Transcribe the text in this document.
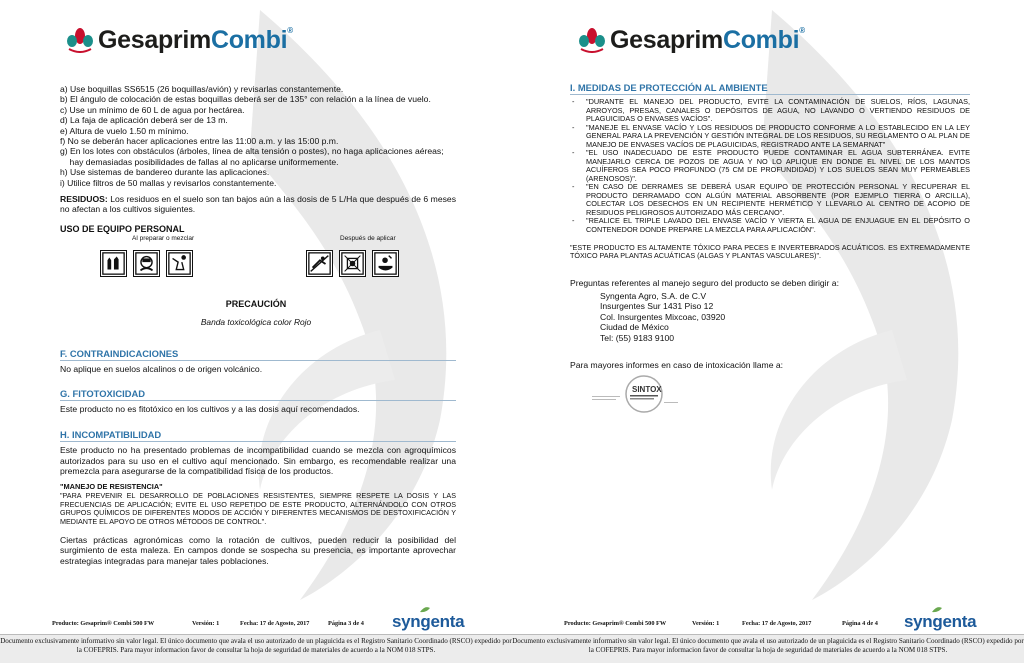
GesaprimCombi®

a) Use boquillas SS6515 (26 boquillas/avión) y revisarlas constantemente.

b) El ángulo de colocación de estas boquillas deberá ser de 135° con relación a la línea de vuelo.

c) Use un mínimo de 60 L de agua por hectárea.

d) La faja de aplicación deberá ser de 13 m.

e) Altura de vuelo 1.50 m mínimo.

f) No se deberán hacer aplicaciones entre las 11:00 a.m. y las 15:00 p.m.

g) En los lotes con obstáculos (árboles, línea de alta tensión o postes), no haga aplicaciones aéreas;

hay demasiadas posibilidades de fallas al no aplicarse uniformemente.

h) Use sistemas de bandereo durante las aplicaciones.

i) Utilice filtros de 50 mallas y revisarlos constantemente.

RESIDUOS: Los residuos en el suelo son tan bajos aún a las dosis de 5 L/Ha que después de 6 meses no afectan a los cultivos siguientes.

USO DE EQUIPO PERSONAL

Al preparar o mezclar	Después de aplicar
PRECAUCIÓN
Banda toxicológica color Rojo

F. CONTRAINDICACIONES

No aplique en suelos alcalinos o de origen volcánico.

G. FITOTOXICIDAD

Este producto no es fitotóxico en los cultivos y a las dosis aquí recomendados.

H. INCOMPATIBILIDAD

Este producto no ha presentado problemas de incompatibilidad cuando se mezcla con agroquímicos autorizados para su uso en el cultivo aquí mencionado. Sin embargo, es recomendable realizar una premezcla para asegurarse de la compatibilidad física de los productos.

"MANEJO DE RESISTENCIA"

"PARA PREVENIR EL DESARROLLO DE POBLACIONES RESISTENTES, SIEMPRE RESPETE LA DOSIS Y LAS FRECUENCIAS DE APLICACIÓN; EVITE EL USO REPETIDO DE ESTE PRODUCTO, ALTERNÁNDOLO CON OTROS GRUPOS QUÍMICOS DE DIFERENTES MODOS DE ACCIÓN Y DIFERENTES MECANISMOS DE DESTOXIFICACIÓN Y MEDIANTE EL APOYO DE OTROS MÉTODOS DE CONTROL".

Ciertas prácticas agronómicas como la rotación de cultivos, pueden reducir la posibilidad del surgimiento de esta maleza. En campos donde se sospecha su presencia, es importante aprovechar estrategias integradas para manejar tales poblaciones.

Producto: Gesaprim® Combi 500 FW	Versión: 1	Fecha: 17 de Agosto, 2017	Página 3 de 4 syngenta
Documento exclusivamente informativo sin valor legal. El único documento que avala el uso autorizado de un plaguicida es el Registro Sanitario Coordinado (RSCO) expedido por la COFEPRIS. Para mayor informacion favor de consultar la hoja de seguridad de materiales de acuerdo a la NOM 018 STPS.
GesaprimCombi®

I. MEDIDAS DE PROTECCIÓN AL AMBIENTE

- "DURANTE EL MANEJO DEL PRODUCTO, EVITE LA CONTAMINACIÓN DE SUELOS, RÍOS, LAGUNAS, ARROYOS, PRESAS, CANALES O DEPÓSITOS DE AGUA, NO LAVANDO O VERTIENDO RESIDUOS DE PLAGUICIDAS O ENVASES VACÍOS".
- "MANEJE EL ENVASE VACÍO Y LOS RESIDUOS DE PRODUCTO CONFORME A LO ESTABLECIDO EN LA LEY GENERAL PARA LA PREVENCIÓN Y GESTIÓN INTEGRAL DE LOS RESIDUOS, SU REGLAMENTO O AL PLAN DE MANEJO DE ENVASES VACÍOS DE PLAGUICIDAS, REGISTRADO ANTE LA SEMARNAT"
- "EL USO INADECUADO DE ESTE PRODUCTO PUEDE CONTAMINAR EL AGUA SUBTERRÁNEA. EVITE MANEJARLO CERCA DE POZOS DE AGUA Y NO LO APLIQUE EN DONDE EL NIVEL DE LOS MANTOS ACUÍFEROS SEA POCO PROFUNDO (75 CM DE PROFUNDIDAD) Y LOS SUELOS SEAN MUY PERMEABLES (ARENOSOS)".
- "EN CASO DE DERRAMES SE DEBERÁ USAR EQUIPO DE PROTECCIÓN PERSONAL Y RECUPERAR EL PRODUCTO DERRAMADO CON ALGÚN MATERIAL ABSORBENTE (POR EJEMPLO TIERRA O ARCILLA), COLECTAR LOS DESECHOS EN UN RECIPIENTE HERMÉTICO Y LLEVARLO AL CENTRO DE ACOPIO DE RESIDUOS PELIGROSOS AUTORIZADO MÁS CERCANO".
- "REALICE EL TRIPLE LAVADO DEL ENVASE VACÍO Y VIERTA EL AGUA DE ENJUAGUE EN EL DEPÓSITO O CONTENEDOR DONDE PREPARE LA MEZCLA PARA APLICACIÓN".
"ESTE PRODUCTO ES ALTAMENTE TÓXICO PARA PECES E INVERTEBRADOS ACUÁTICOS. ES EXTREMADAMENTE TÓXICO PARA PLANTAS ACUÁTICAS (ALGAS Y PLANTAS VASCULARES)".
Preguntas referentes al manejo seguro del producto se deben dirigir a:
Syngenta Agro, S.A. de C.V
Insurgentes Sur 1431 Piso 12
Col. Insurgentes Mixcoac, 03920
Ciudad de México
Tel: (55) 9183 9100
Para mayores informes en caso de intoxicación llame a:
SINTOX
Producto: Gesaprim® Combi 500 FW	Versión: 1	Fecha: 17 de Agosto, 2017	Página 4 de 4 syngenta
Documento exclusivamente informativo sin valor legal. El único documento que avala el uso autorizado de un plaguicida es el Registro Sanitario Coordinado (RSCO) expedido por la COFEPRIS. Para mayor informacion favor de consultar la hoja de seguridad de materiales de acuerdo a la NOM 018 STPS.
